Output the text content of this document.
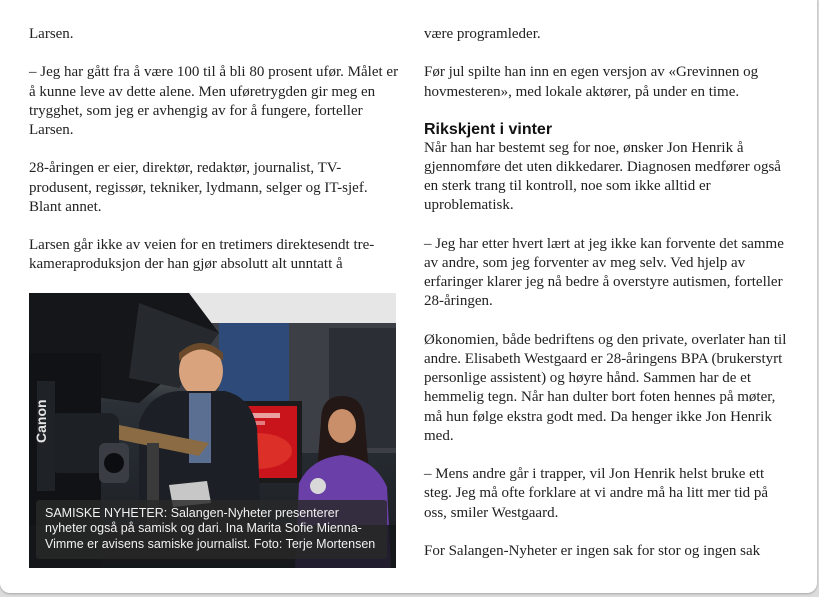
Larsen.

– Jeg har gått fra å være 100 til å bli 80 prosent ufør. Målet er å kunne leve av dette alene. Men uføretrygden gir meg en trygghet, som jeg er avhengig av for å fungere, forteller Larsen.

28-åringen er eier, direktør, redaktør, journalist, TV-produsent, regissør, tekniker, lydmann, selger og IT-sjef. Blant annet.

Larsen går ikke av veien for en tretimers direktesendt tre-kameraproduksjon der han gjør absolutt alt unntatt å

Canon
SAMISKE NYHETER: Salangen-Nyheter presenterer nyheter også på samisk og dari. Ina Marita Sofie Mienna-Vimme er avisens samiske journalist. Foto: Terje Mortensen

være programleder.

Før jul spilte han inn en egen versjon av «Grevinnen og hovmesteren», med lokale aktører, på under en time.

Rikskjent i vinter

Når han har bestemt seg for noe, ønsker Jon Henrik å gjennomføre det uten dikkedarer. Diagnosen medfører også en sterk trang til kontroll, noe som ikke alltid er uproblematisk.

– Jeg har etter hvert lært at jeg ikke kan forvente det samme av andre, som jeg forventer av meg selv. Ved hjelp av erfaringer klarer jeg nå bedre å overstyre autismen, forteller 28-åringen.

Økonomien, både bedriftens og den private, overlater han til andre. Elisabeth Westgaard er 28-åringens BPA (brukerstyrt personlige assistent) og høyre hånd. Sammen har de et hemmelig tegn. Når han dulter bort foten hennes på møter, må hun følge ekstra godt med. Da henger ikke Jon Henrik med.

– Mens andre går i trapper, vil Jon Henrik helst bruke ett steg. Jeg må ofte forklare at vi andre må ha litt mer tid på oss, smiler Westgaard.

For Salangen-Nyheter er ingen sak for stor og ingen sak
